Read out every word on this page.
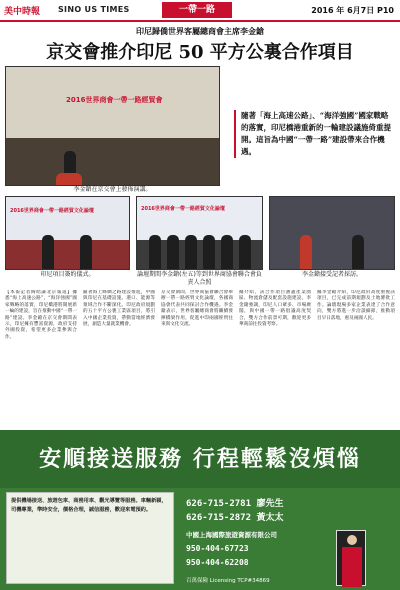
美中時報 SINO US TIMES	一帶一路	2016 年 6月7日 P10
印尼歸僑世界客屬總商會主席李金鎗
京交會推介印尼 50 平方公裏合作項目
2016世界商會一帶一路經貿會
李金鎗在京交會上發佈演講。
隨著「海上高速公路」、“海洋強國”國家戰略的落實，印尼橋港重新的一輪建設議施倚重提開。這旨為中國“一帶一路”建設帶來合作機遇。
2016世界商會一帶一路經貿文化論壇
印尼項目簽約儀式。
2016世界商會一帶一路經貿文化論壇
論壇期間李金鎗(左五)等到世界商協會聯合會負責人合照
李金鎗接受記者採訪。
【本報記者陶昭謙北京報道】據悉“海上高速公路”，“海洋強國”國家戰略的落實，印尼橋港將開展新一輪的建設，旨在推動中國“一帶一路”建設。李金鎗在京交會期間表示，印尼擁有豐富資源，政府支持外國投資，希望更多企業參與合作。
隨著海上絲綢之路建設推進，中國與印尼在基礎設施、港口、能源等領域合作不斷深化。印尼政府規劃的五十平方公裏工業區項目，將引入中國企業投資，帶動當地經濟發展，創造大量就業機會。
京交會期間，世界商協會聯合會舉辦一帶一路經貿文化論壇，各國商協會代表共同探討合作機遇。李金鎗表示，世界客屬總商會將繼續發揮橋梁作用，促進中印兩國經貿往來與文化交流。
據介紹，該合作項目涵蓋產業園區、物流倉儲及配套設施建設。李金鎗強調，印尼人口眾多、市場廣闊，與中國一帶一路倡議高度契合，雙方合作前景可期，歡迎更多華商前往投資考察。
據李金鎗介紹，印尼政府高度重視該項目，已完成前期規劃及土地審批工作。論壇現場多家企業表達了合作意向，雙方將進一步洽談細節，推動項目早日落地，惠及兩國人民。
安順接送服務 行程輕鬆沒煩惱
提供機場接送、旅遊包車、商務用車、觀光導覽等服務。車輛新穎，司機專業，準時安全，價格合理，誠信服務，歡迎來電預約。
626-715-2781 廖先生
626-715-2872 黃太太
中國上海國際旅遊資源有限公司
950-404-67723
950-404-62208
百萬保險 Licensing TCP#34869
